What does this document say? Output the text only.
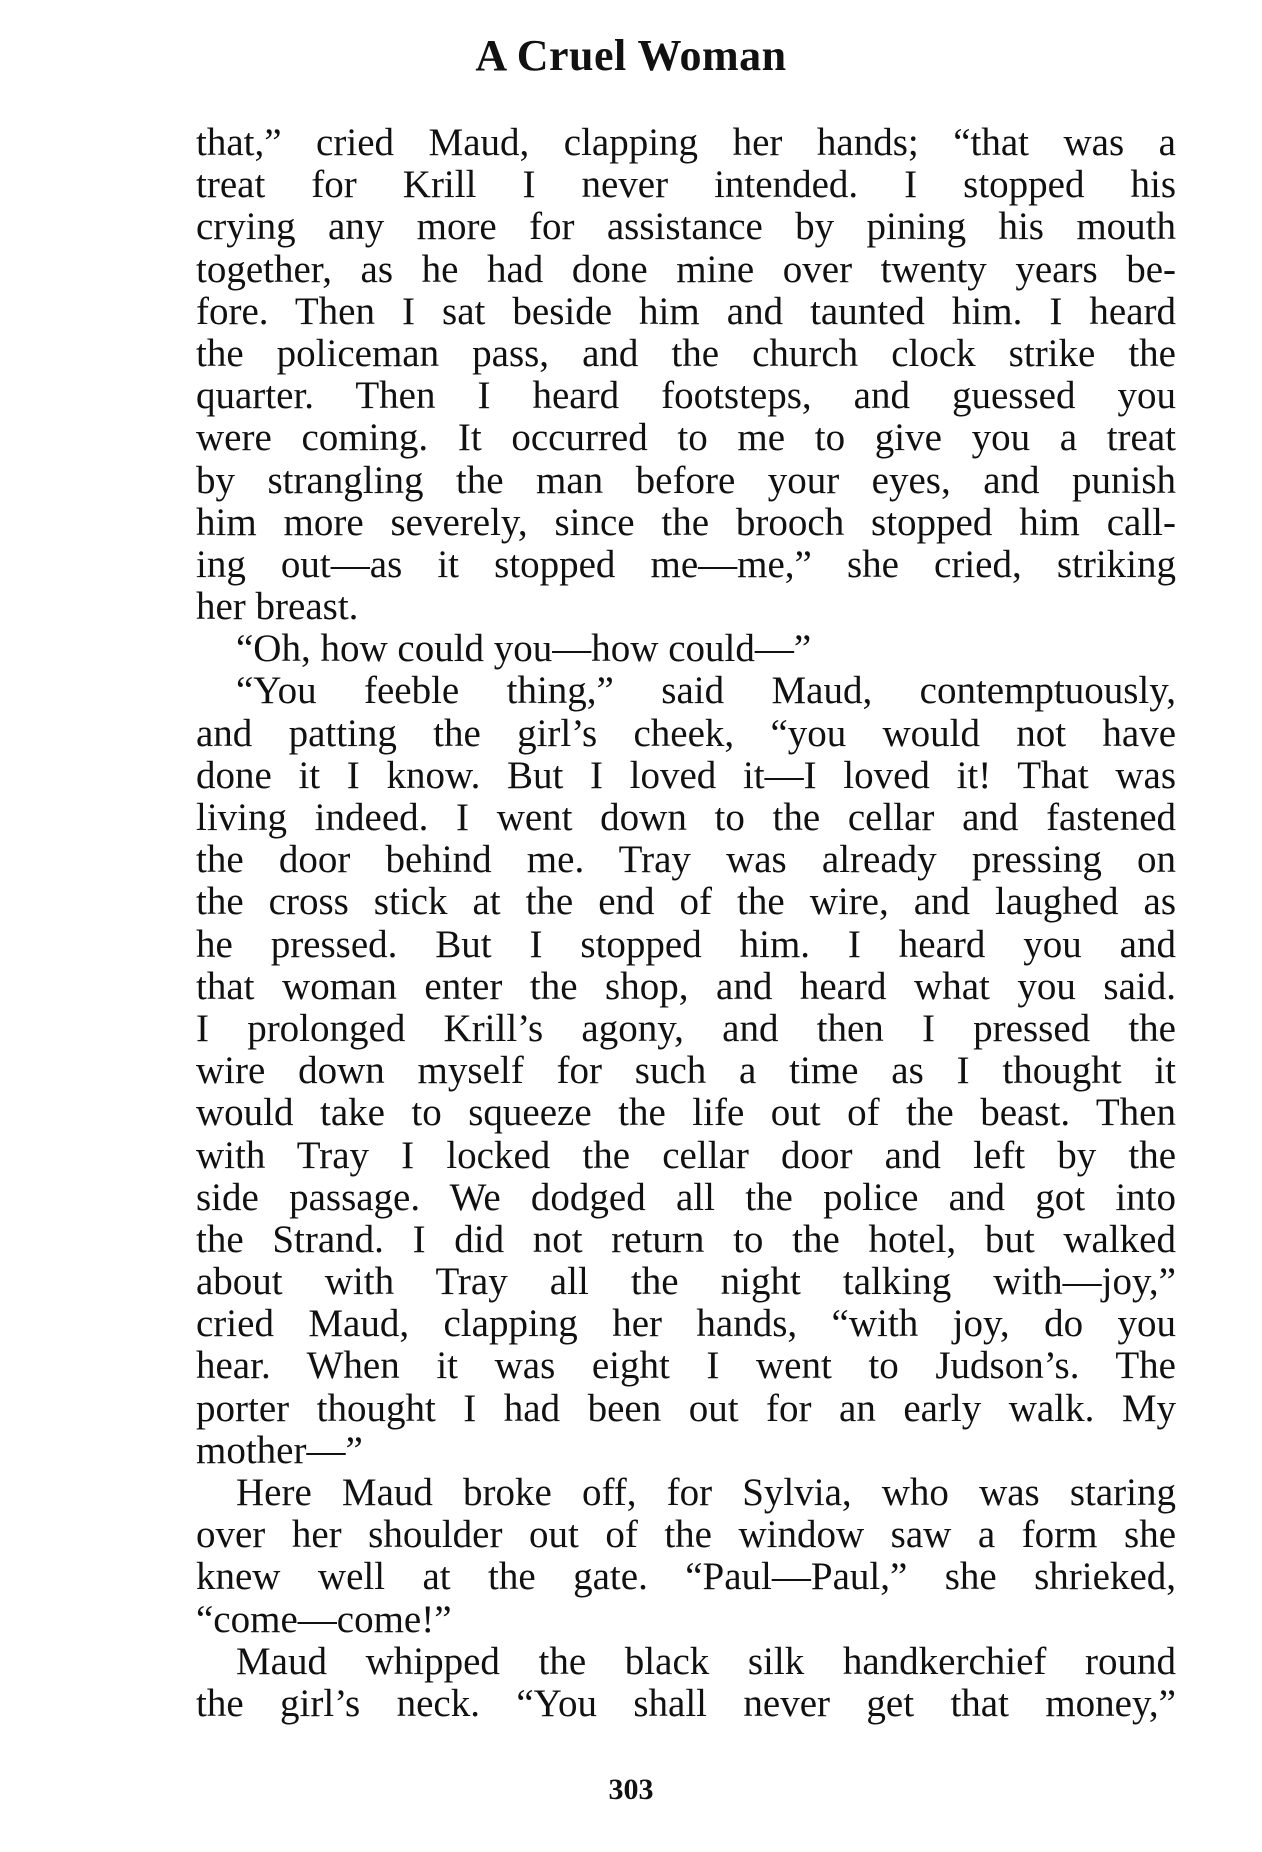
A Cruel Woman
that,” cried Maud, clapping her hands; “that was a
treat for Krill I never intended. I stopped his
crying any more for assistance by pining his mouth
together, as he had done mine over twenty years be-
fore. Then I sat beside him and taunted him. I heard
the policeman pass, and the church clock strike the
quarter. Then I heard footsteps, and guessed you
were coming. It occurred to me to give you a treat
by strangling the man before your eyes, and punish
him more severely, since the brooch stopped him call-
ing out—as it stopped me—me,” she cried, striking
her breast.
“Oh, how could you—how could—”
“You feeble thing,” said Maud, contemptuously,
and patting the girl’s cheek, “you would not have
done it I know. But I loved it—I loved it! That was
living indeed. I went down to the cellar and fastened
the door behind me. Tray was already pressing on
the cross stick at the end of the wire, and laughed as
he pressed. But I stopped him. I heard you and
that woman enter the shop, and heard what you said.
I prolonged Krill’s agony, and then I pressed the
wire down myself for such a time as I thought it
would take to squeeze the life out of the beast. Then
with Tray I locked the cellar door and left by the
side passage. We dodged all the police and got into
the Strand. I did not return to the hotel, but walked
about with Tray all the night talking with—joy,”
cried Maud, clapping her hands, “with joy, do you
hear. When it was eight I went to Judson’s. The
porter thought I had been out for an early walk. My
mother—”
Here Maud broke off, for Sylvia, who was staring
over her shoulder out of the window saw a form she
knew well at the gate. “Paul—Paul,” she shrieked,
“come—come!”
Maud whipped the black silk handkerchief round
the girl’s neck. “You shall never get that money,”
303
